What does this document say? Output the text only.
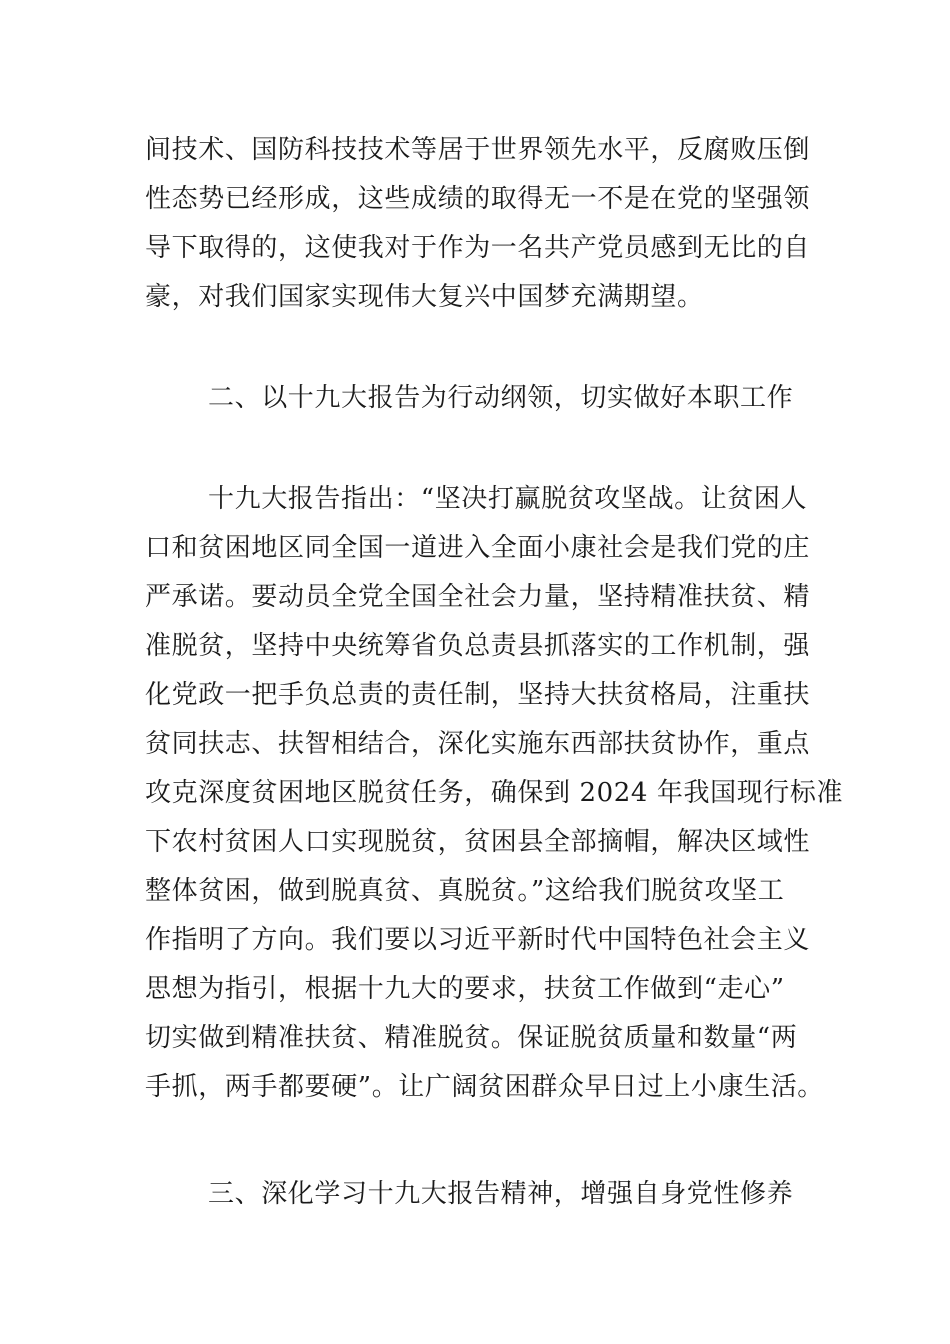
间技术、国防科技技术等居于世界领先水平，反腐败压倒
性态势已经形成，这些成绩的取得无一不是在党的坚强领
导下取得的，这使我对于作为一名共产党员感到无比的自
豪，对我们国家实现伟大复兴中国梦充满期望。
二、以十九大报告为行动纲领，切实做好本职工作
十九大报告指出：“坚决打赢脱贫攻坚战。让贫困人
口和贫困地区同全国一道进入全面小康社会是我们党的庄
严承诺。要动员全党全国全社会力量，坚持精准扶贫、精
准脱贫，坚持中央统筹省负总责县抓落实的工作机制，强
化党政一把手负总责的责任制，坚持大扶贫格局，注重扶
贫同扶志、扶智相结合，深化实施东西部扶贫协作，重点
攻克深度贫困地区脱贫任务，确保到 2024 年我国现行标准
下农村贫困人口实现脱贫，贫困县全部摘帽，解决区域性
整体贫困，做到脱真贫、真脱贫。”这给我们脱贫攻坚工
作指明了方向。我们要以习近平新时代中国特色社会主义
思想为指引，根据十九大的要求，扶贫工作做到“走心”
切实做到精准扶贫、精准脱贫。保证脱贫质量和数量“两
手抓，两手都要硬”。让广阔贫困群众早日过上小康生活。
三、深化学习十九大报告精神，增强自身党性修养
